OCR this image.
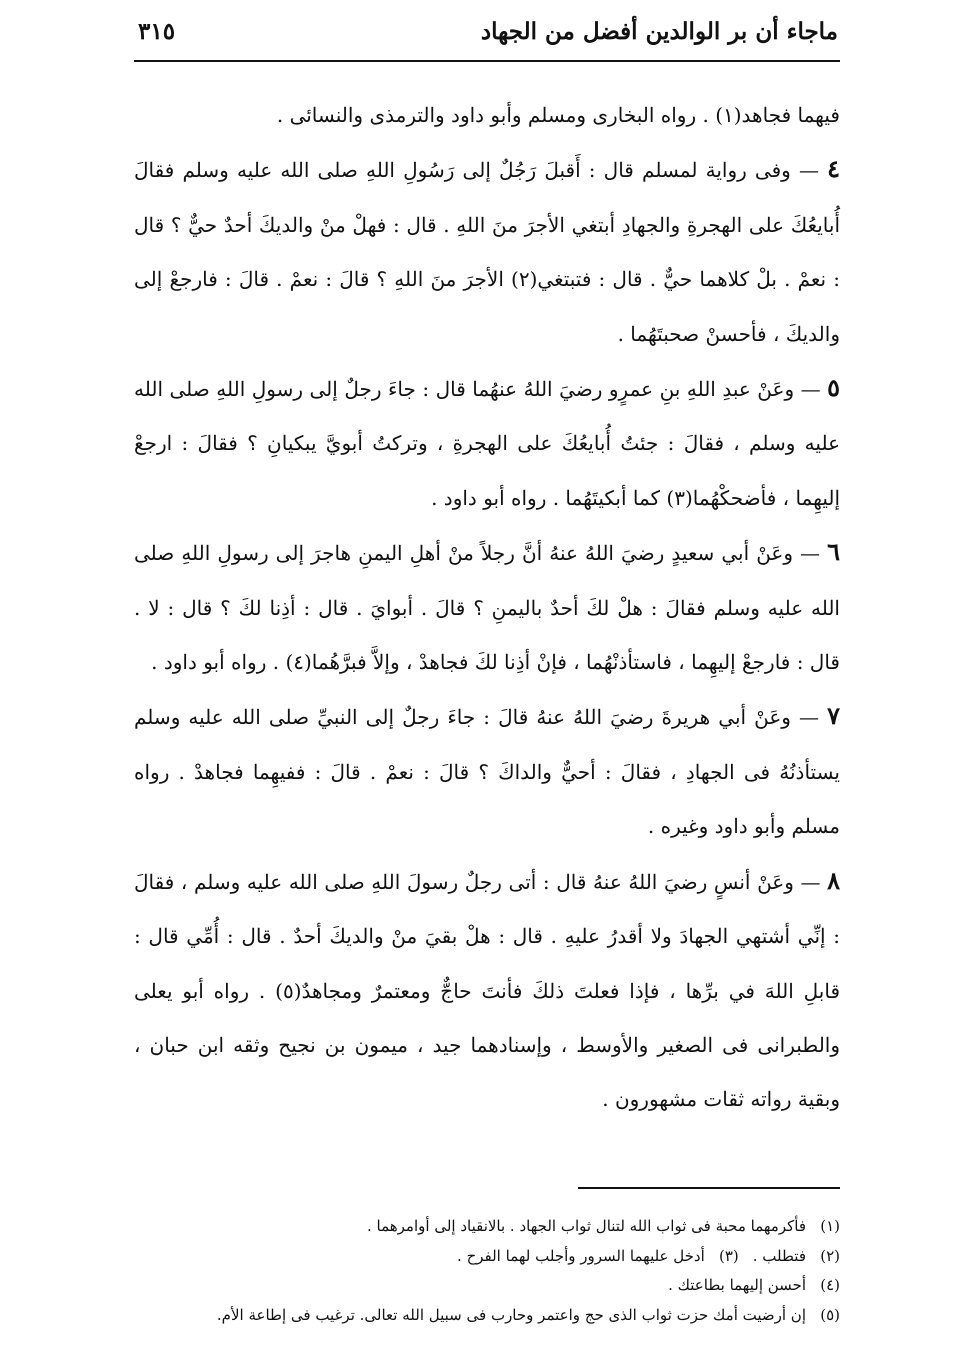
ماجاء أن بر الوالدين أفضل من الجهاد
٣١٥

فيهما فجاهد(١) . رواه البخارى ومسلم وأبو داود والترمذى والنسائى .

٤ — وفى رواية لمسلم قال : أَقبلَ رَجُلٌ إلى رَسُولِ اللهِ صلى الله عليه وسلم فقالَ أُبايعُكَ على الهجرةِ والجهادِ أبتغي الأجرَ منَ اللهِ . قال : فهلْ منْ والديكَ أحدٌ حيٌّ ؟ قال : نعمْ . بلْ كلاهما حيٌّ . قال : فتبتغي(٢) الأجرَ منَ اللهِ ؟ قالَ : نعمْ . قالَ : فارجعْ إلى والديكَ ، فأحسنْ صحبتَهُما .

٥ — وعَنْ عبدِ اللهِ بنِ عمرٍو رضيَ اللهُ عنهُما قال : جاءَ رجلٌ إلى رسولِ اللهِ صلى الله عليه وسلم ، فقالَ : جئتُ أُبايعُكَ على الهجرةِ ، وتركتُ أبويَّ يبكيانِ ؟ فقالَ : ارجعْ إليهِما ، فأضحكْهُما(٣) كما أبكيتَهُما . رواه أبو داود .

٦ — وعَنْ أبي سعيدٍ رضيَ اللهُ عنهُ أنَّ رجلاً منْ أهلِ اليمنِ هاجرَ إلى رسولِ اللهِ صلى الله عليه وسلم فقالَ : هلْ لكَ أحدٌ باليمنِ ؟ قالَ . أبوايَ . قال : أذِنا لكَ ؟ قال : لا . قال : فارجعْ إليهِما ، فاستأذنْهُما ، فإنْ أذِنا لكَ فجاهدْ ، وإلاَّ فبرَّهُما(٤) . رواه أبو داود .

٧ — وعَنْ أبي هريرةَ رضيَ اللهُ عنهُ قالَ : جاءَ رجلٌ إلى النبيِّ صلى الله عليه وسلم يستأذنُهُ فى الجهادِ ، فقالَ : أحيٌّ والداكَ ؟ قالَ : نعمْ . قالَ : ففيهِما فجاهدْ . رواه مسلم وأبو داود وغيره .

٨ — وعَنْ أنسٍ رضيَ اللهُ عنهُ قال : أتى رجلٌ رسولَ اللهِ صلى الله عليه وسلم ، فقالَ : إنِّي أشتهي الجهادَ ولا أقدرُ عليهِ . قال : هلْ بقيَ منْ والديكَ أحدٌ . قال : أُمِّي قال : قابلِ اللهَ في برِّها ، فإذا فعلتَ ذلكَ فأنتَ حاجٌّ ومعتمرٌ ومجاهدٌ(٥) . رواه أبو يعلى والطبرانى فى الصغير والأوسط ، وإسنادهما جيد ، ميمون بن نجيح وثقه ابن حبان ، وبقية رواته ثقات مشهورون .

(١)فأكرمهما محبة فى ثواب الله لتنال ثواب الجهاد . بالانقياد إلى أوامرهما .

(٢)فتطلب .(٣)أدخل عليهما السرور وأجلب لهما الفرح .

(٤)أحسن إليهما بطاعتك .

(٥)إن أرضيت أمك حزت ثواب الذى حج واعتمر وحارب فى سبيل الله تعالى. ترغيب فى إطاعة الأم.
